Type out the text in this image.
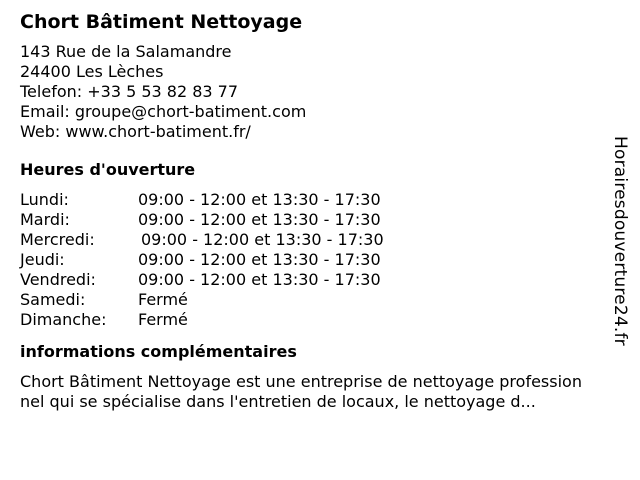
Chort Bâtiment Nettoyage
143 Rue de la Salamandre
24400 Les Lèches
Telefon: +33 5 53 82 83 77
Email: groupe@chort-batiment.com
Web: www.chort-batiment.fr/
Heures d'ouverture
Lundi:	09:00 - 12:00 et 13:30 - 17:30
Mardi:	09:00 - 12:00 et 13:30 - 17:30
Mercredi:	09:00 - 12:00 et 13:30 - 17:30
Jeudi:	09:00 - 12:00 et 13:30 - 17:30
Vendredi:	09:00 - 12:00 et 13:30 - 17:30
Samedi:	Fermé
Dimanche:	Fermé
informations complémentaires
Chort Bâtiment Nettoyage est une entreprise de nettoyage professionnel qui se spécialise dans l'entretien de locaux, le nettoyage d...
Horairesdouverture24.fr
